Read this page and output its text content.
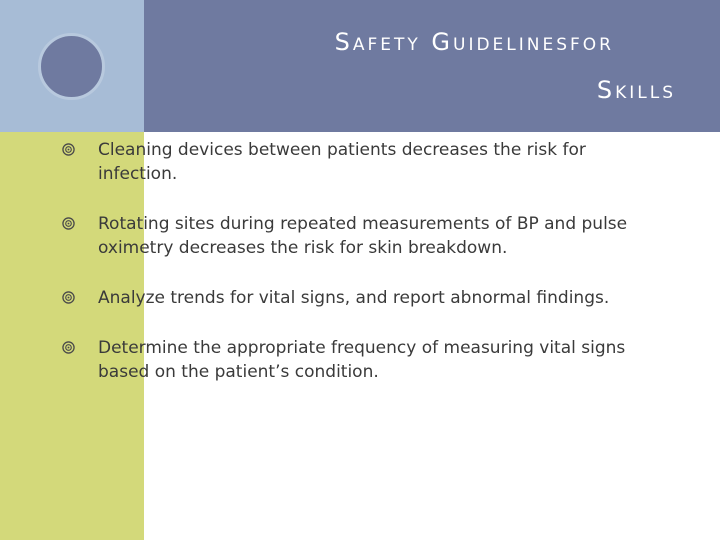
Safety Guidelinesfor
Skills
Cleaning devices between patients decreases the risk for infection.
Rotating sites during repeated measurements of BP and pulse oximetry decreases the risk for skin breakdown.
Analyze trends for vital signs, and report abnormal findings.
Determine the appropriate frequency of measuring vital signs based on the patient’s condition.
